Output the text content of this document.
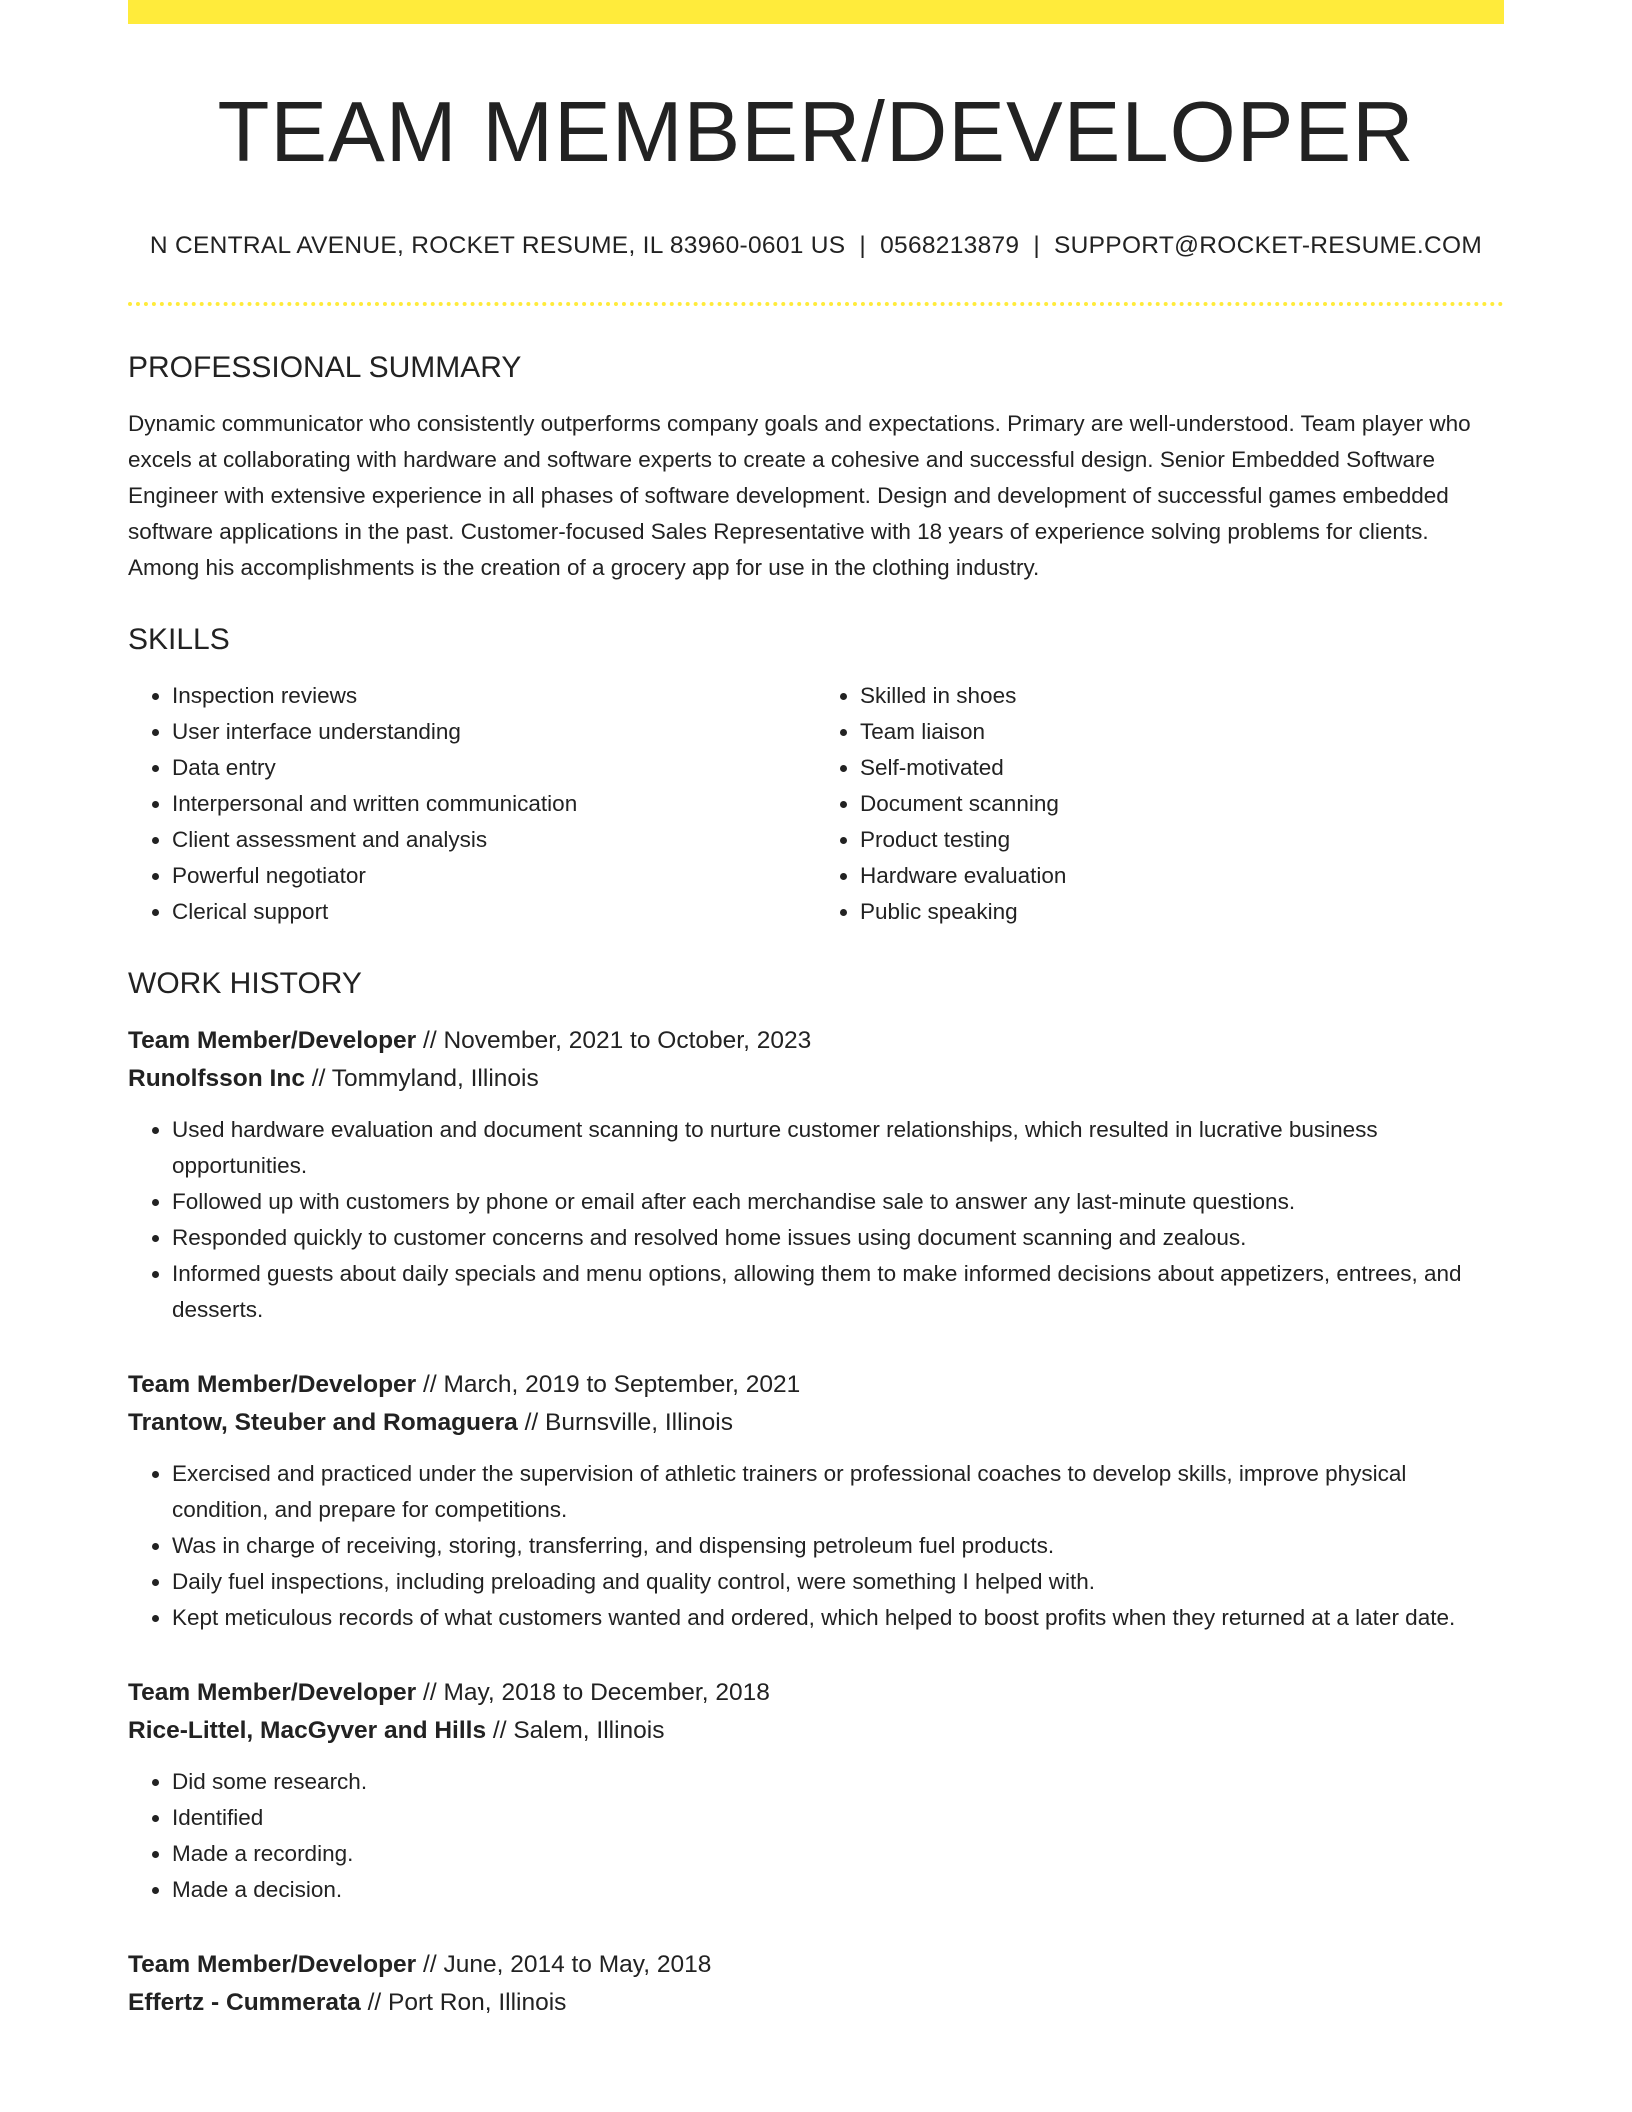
TEAM MEMBER/DEVELOPER
N CENTRAL AVENUE, ROCKET RESUME, IL 83960-0601 US | 0568213879 | SUPPORT@ROCKET-RESUME.COM
PROFESSIONAL SUMMARY

Dynamic communicator who consistently outperforms company goals and expectations. Primary are well-understood. Team player who excels at collaborating with hardware and software experts to create a cohesive and successful design. Senior Embedded Software Engineer with extensive experience in all phases of software development. Design and development of successful games embedded software applications in the past. Customer-focused Sales Representative with 18 years of experience solving problems for clients. Among his accomplishments is the creation of a grocery app for use in the clothing industry.

SKILLS
• Inspection reviews
• User interface understanding
• Data entry
• Interpersonal and written communication
• Client assessment and analysis
• Powerful negotiator
• Clerical support
• Skilled in shoes
• Team liaison
• Self-motivated
• Document scanning
• Product testing
• Hardware evaluation
• Public speaking
WORK HISTORY
Team Member/Developer // November, 2021 to October, 2023
Runolfsson Inc // Tommyland, Illinois
• Used hardware evaluation and document scanning to nurture customer relationships, which resulted in lucrative business opportunities.
• Followed up with customers by phone or email after each merchandise sale to answer any last-minute questions.
• Responded quickly to customer concerns and resolved home issues using document scanning and zealous.
• Informed guests about daily specials and menu options, allowing them to make informed decisions about appetizers, entrees, and desserts.
Team Member/Developer // March, 2019 to September, 2021
Trantow, Steuber and Romaguera // Burnsville, Illinois
• Exercised and practiced under the supervision of athletic trainers or professional coaches to develop skills, improve physical condition, and prepare for competitions.
• Was in charge of receiving, storing, transferring, and dispensing petroleum fuel products.
• Daily fuel inspections, including preloading and quality control, were something I helped with.
• Kept meticulous records of what customers wanted and ordered, which helped to boost profits when they returned at a later date.
Team Member/Developer // May, 2018 to December, 2018
Rice-Littel, MacGyver and Hills // Salem, Illinois
• Did some research.
• Identified
• Made a recording.
• Made a decision.
Team Member/Developer // June, 2014 to May, 2018
Effertz - Cummerata // Port Ron, Illinois
